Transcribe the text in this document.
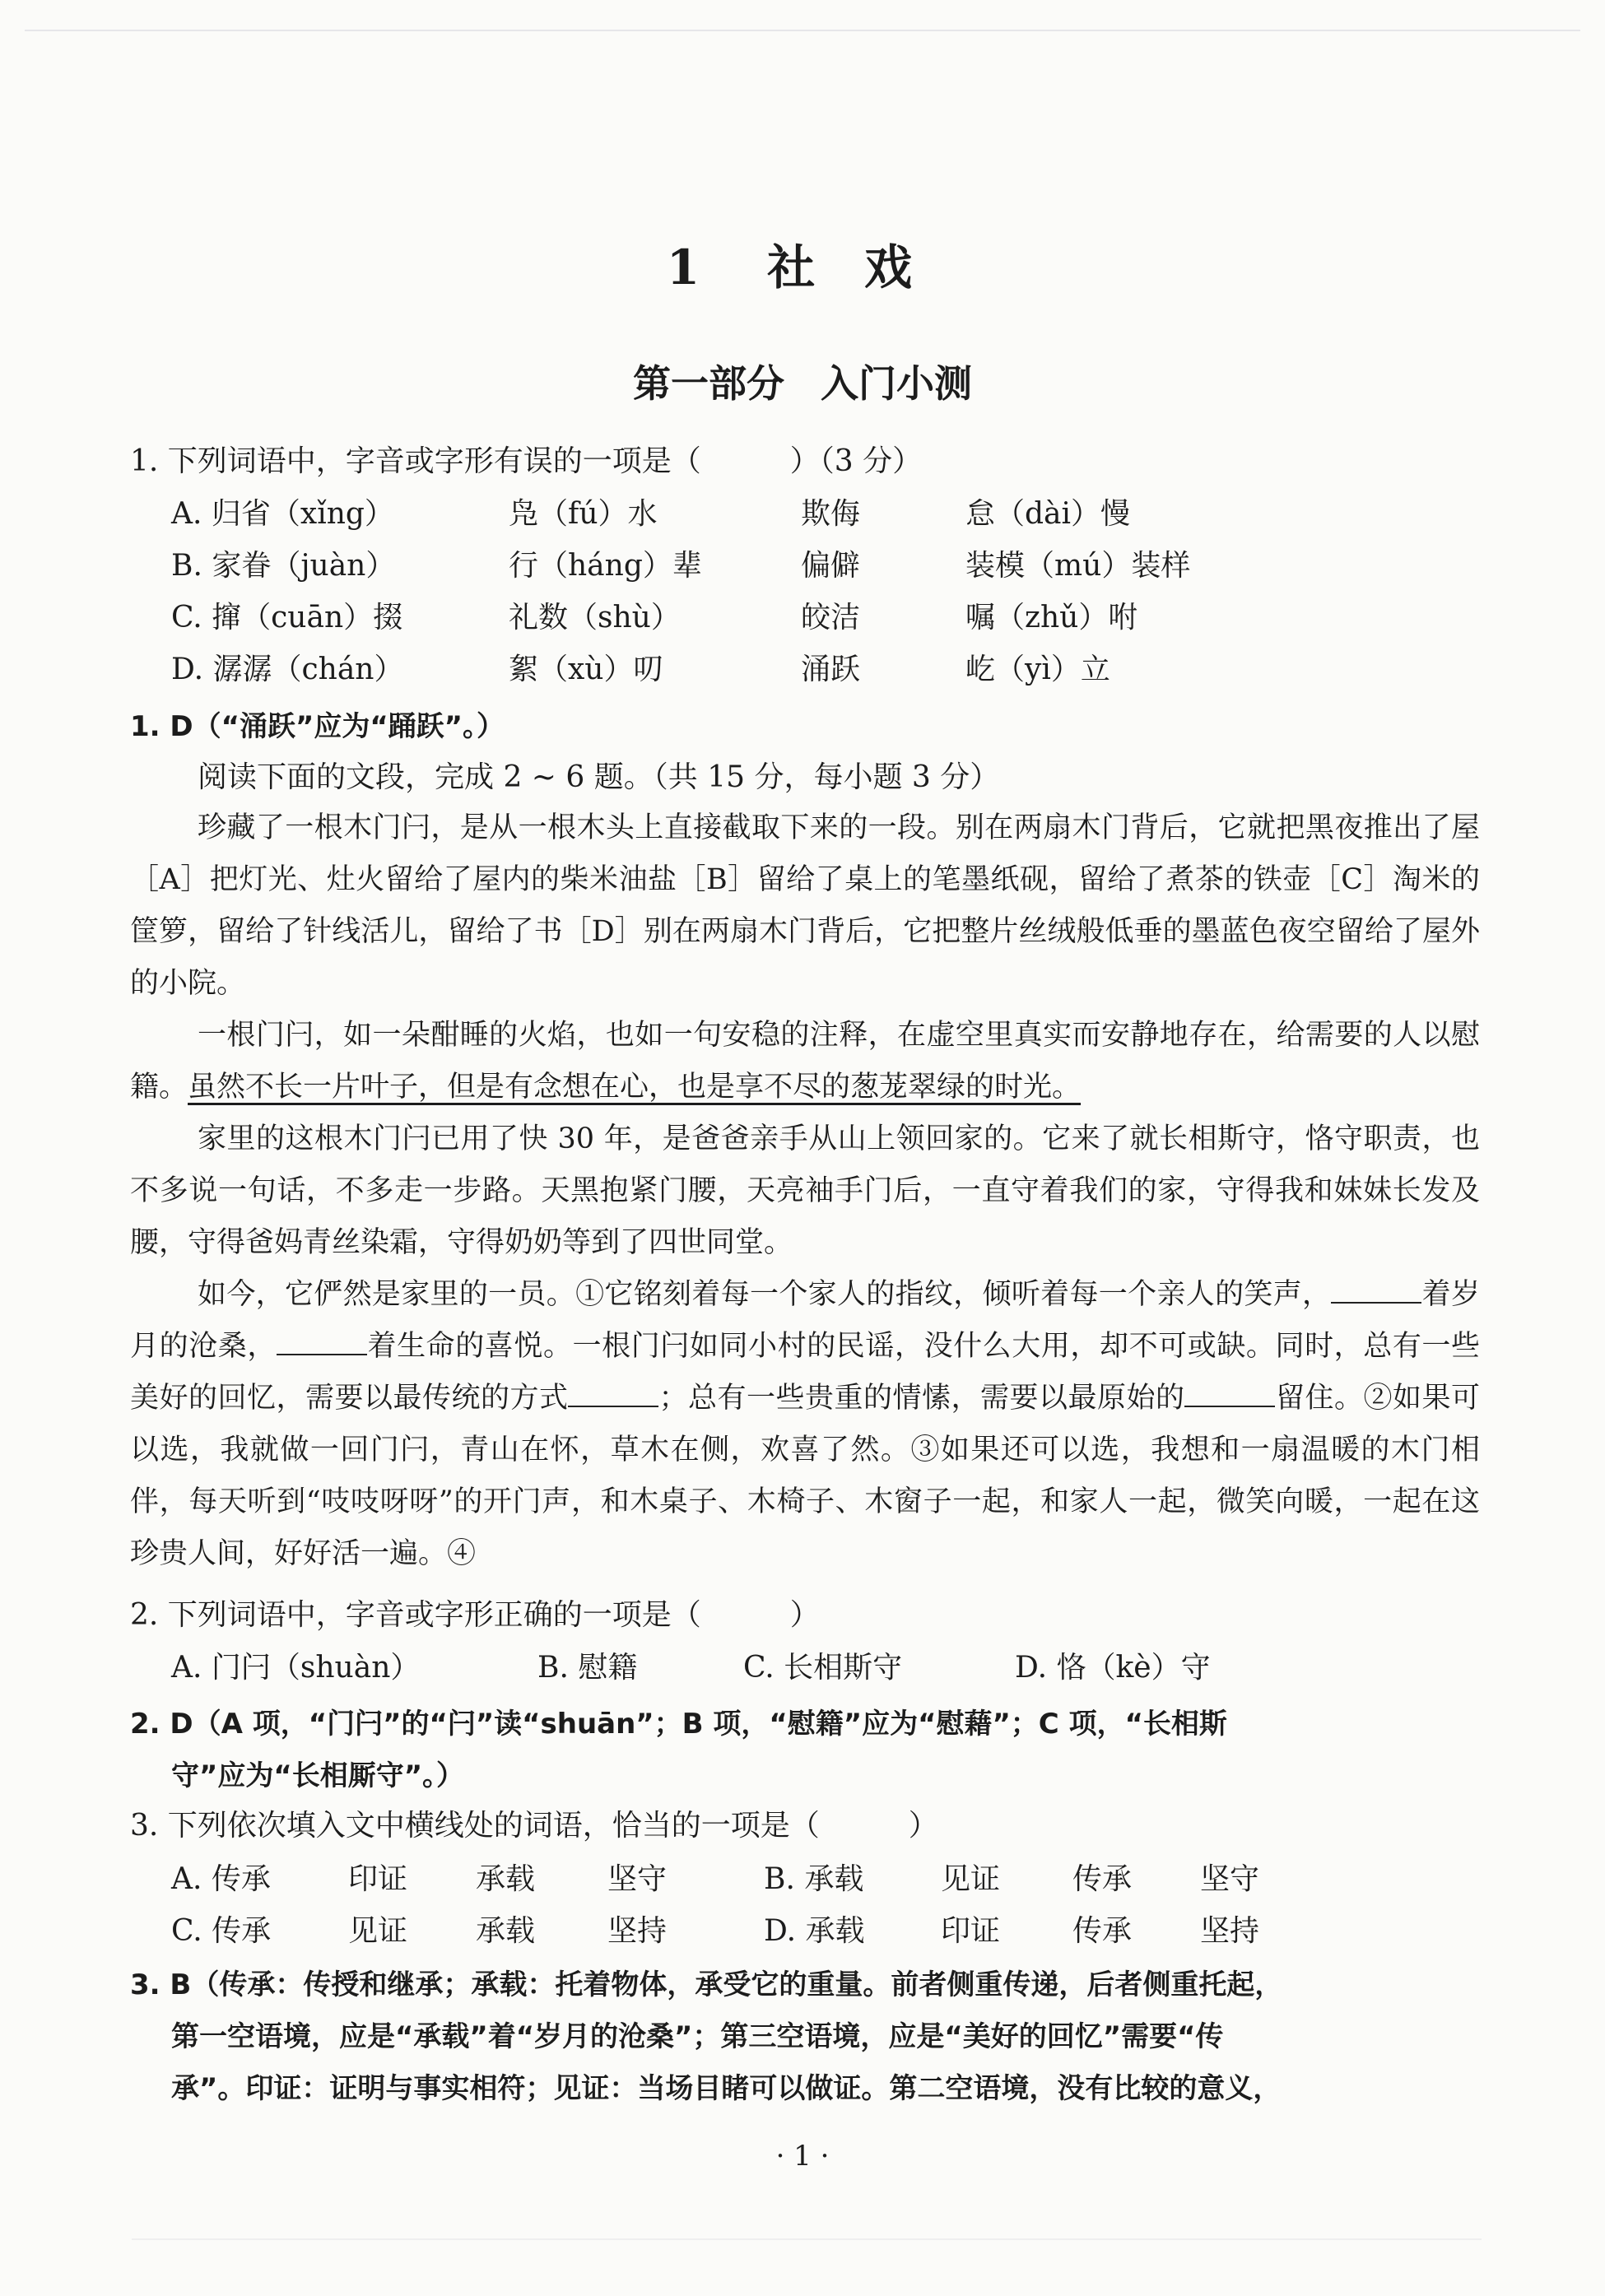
1 社 戏
第一部分 入门小测
1. 下列词语中，字音或字形有误的一项是（　　　）（3 分）
A. 归省（xǐng）	凫（fú）水	欺侮	怠（dài）慢
B. 家眷（juàn）	行（háng）辈	偏僻	装模（mú）装样
C. 撺（cuān）掇	礼数（shù）	皎洁	嘱（zhǔ）咐
D. 潺潺（chán）	絮（xù）叨	涌跃	屹（yì）立
1. D（“涌跃”应为“踊跃”。）
阅读下面的文段，完成 2 ~ 6 题。（共 15 分，每小题 3 分）

珍藏了一根木门闩，是从一根木头上直接截取下来的一段。别在两扇木门背后，它就把黑夜推出了屋［A］把灯光、灶火留给了屋内的柴米油盐［B］留给了桌上的笔墨纸砚，留给了煮茶的铁壶［C］淘米的筐箩，留给了针线活儿，留给了书［D］别在两扇木门背后，它把整片丝绒般低垂的墨蓝色夜空留给了屋外的小院。

一根门闩，如一朵酣睡的火焰，也如一句安稳的注释，在虚空里真实而安静地存在，给需要的人以慰籍。虽然不长一片叶子，但是有念想在心，也是享不尽的葱茏翠绿的时光。

家里的这根木门闩已用了快 30 年，是爸爸亲手从山上领回家的。它来了就长相斯守，恪守职责，也不多说一句话，不多走一步路。天黑抱紧门腰，天亮袖手门后，一直守着我们的家，守得我和妹妹长发及腰，守得爸妈青丝染霜，守得奶奶等到了四世同堂。

如今，它俨然是家里的一员。①它铭刻着每一个家人的指纹，倾听着每一个亲人的笑声，	着岁月的沧桑，	着生命的喜悦。一根门闩如同小村的民谣，没什么大用，却不可或缺。同时，总有一些美好的回忆，需要以最传统的方式	；总有一些贵重的情愫，需要以最原始的	留住。②如果可以选，我就做一回门闩，青山在怀，草木在侧，欢喜了然。③如果还可以选，我想和一扇温暖的木门相伴，每天听到“吱吱呀呀”的开门声，和木桌子、木椅子、木窗子一起，和家人一起，微笑向暖，一起在这珍贵人间，好好活一遍。④

2. 下列词语中，字音或字形正确的一项是（　　　）
A. 门闩（shuàn）	B. 慰籍	C. 长相斯守	D. 恪（kè）守
2. D（A 项，“门闩”的“闩”读“shuān”；B 项，“慰籍”应为“慰藉”；C 项，“长相斯
守”应为“长相厮守”。）
3. 下列依次填入文中横线处的词语，恰当的一项是（　　　）
A. 传承	印证 承载 坚守	B. 承载	见证 传承 坚守
C. 传承	见证 承载 坚持	D. 承载	印证 传承 坚持
3. B（传承：传授和继承；承载：托着物体，承受它的重量。前者侧重传递，后者侧重托起，
第一空语境，应是“承载”着“岁月的沧桑”；第三空语境，应是“美好的回忆”需要“传
承”。印证：证明与事实相符；见证：当场目睹可以做证。第二空语境，没有比较的意义，
· 1 ·
